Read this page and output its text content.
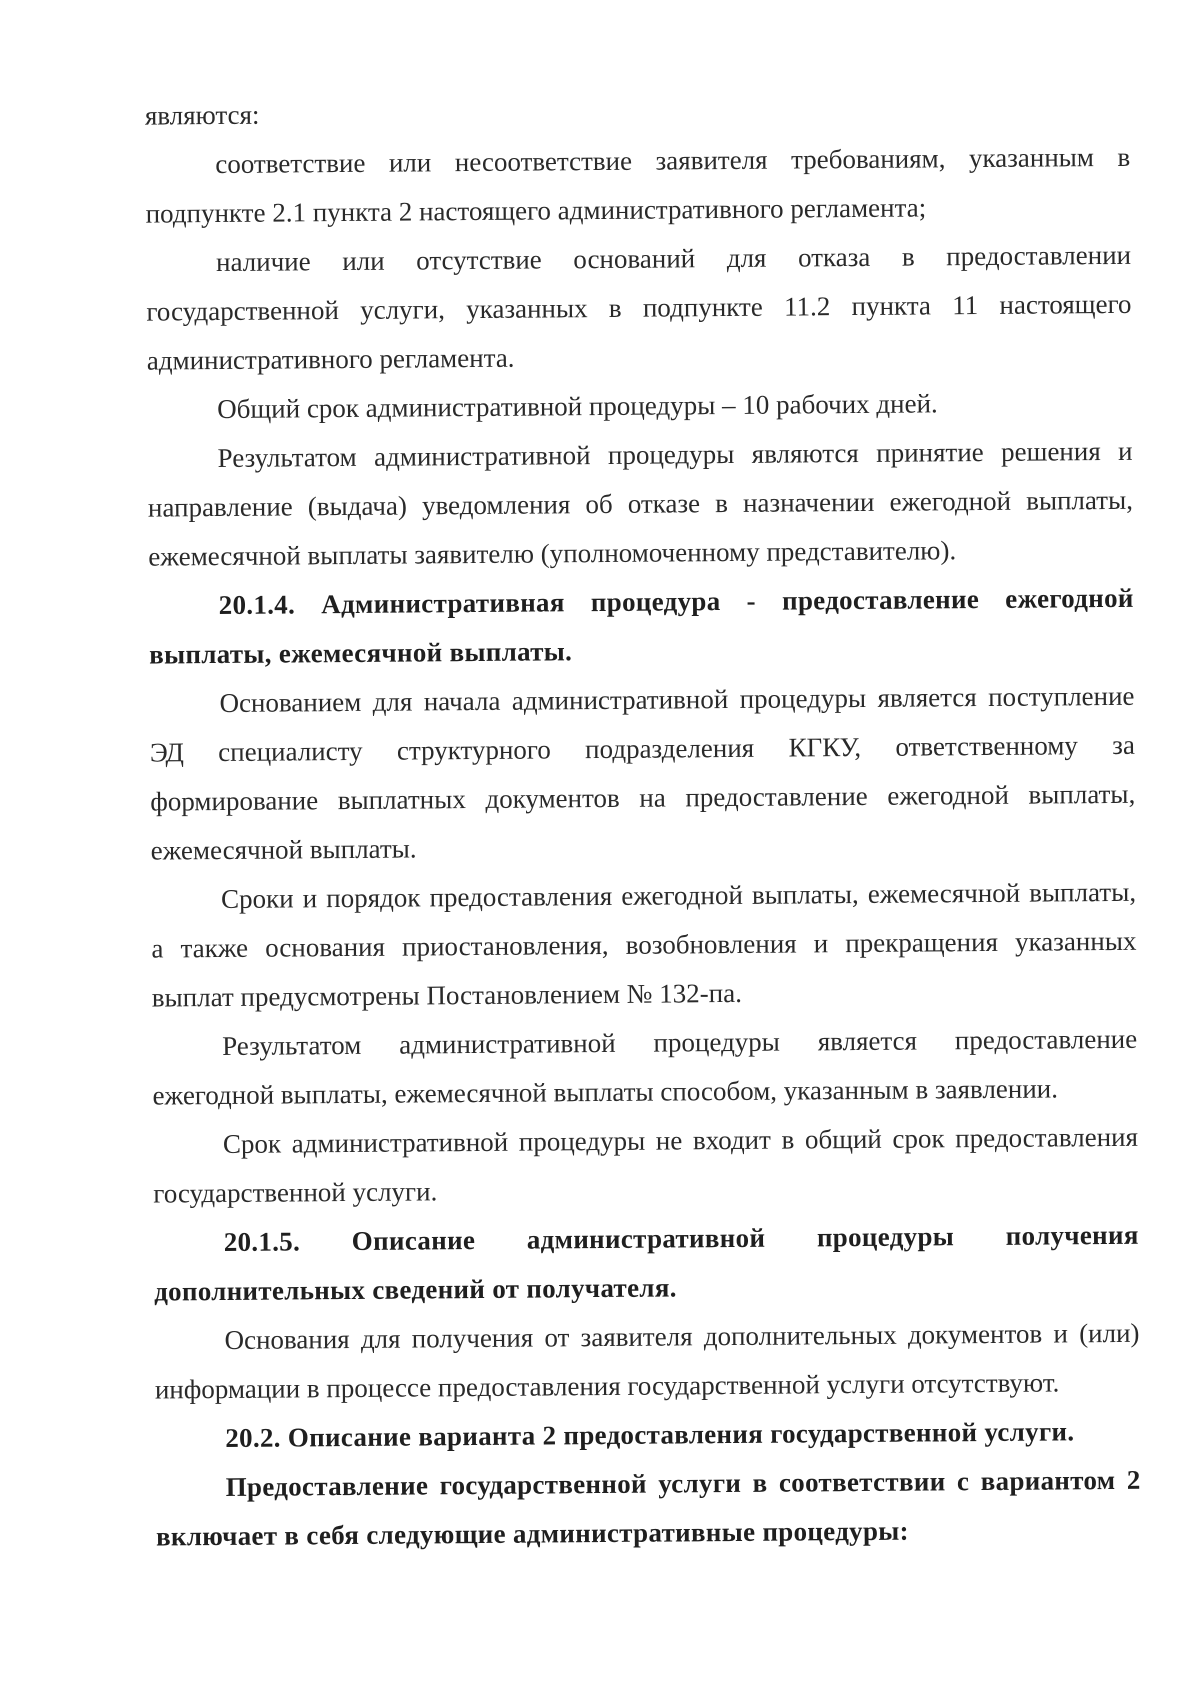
являются:

соответствие или несоответствие заявителя требованиям, указанным в подпункте 2.1 пункта 2 настоящего административного регламента;

наличие или отсутствие оснований для отказа в предоставлении государственной услуги, указанных в подпункте 11.2 пункта 11 настоящего административного регламента.

Общий срок административной процедуры – 10 рабочих дней.

Результатом административной процедуры являются принятие решения и направление (выдача) уведомления об отказе в назначении ежегодной выплаты, ежемесячной выплаты заявителю (уполномоченному представителю).

20.1.4. Административная процедура - предоставление ежегодной выплаты, ежемесячной выплаты.

Основанием для начала административной процедуры является поступление ЭД специалисту структурного подразделения КГКУ, ответственному за формирование выплатных документов на предоставление ежегодной выплаты, ежемесячной выплаты.

Сроки и порядок предоставления ежегодной выплаты, ежемесячной выплаты, а также основания приостановления, возобновления и прекращения указанных выплат предусмотрены Постановлением № 132-па.

Результатом административной процедуры является предоставление ежегодной выплаты, ежемесячной выплаты способом, указанным в заявлении.

Срок административной процедуры не входит в общий срок предоставления государственной услуги.

20.1.5. Описание административной процедуры получения дополнительных сведений от получателя.

Основания для получения от заявителя дополнительных документов и (или) информации в процессе предоставления государственной услуги отсутствуют.

20.2. Описание варианта 2 предоставления государственной услуги.

Предоставление государственной услуги в соответствии с вариантом 2 включает в себя следующие административные процедуры:
